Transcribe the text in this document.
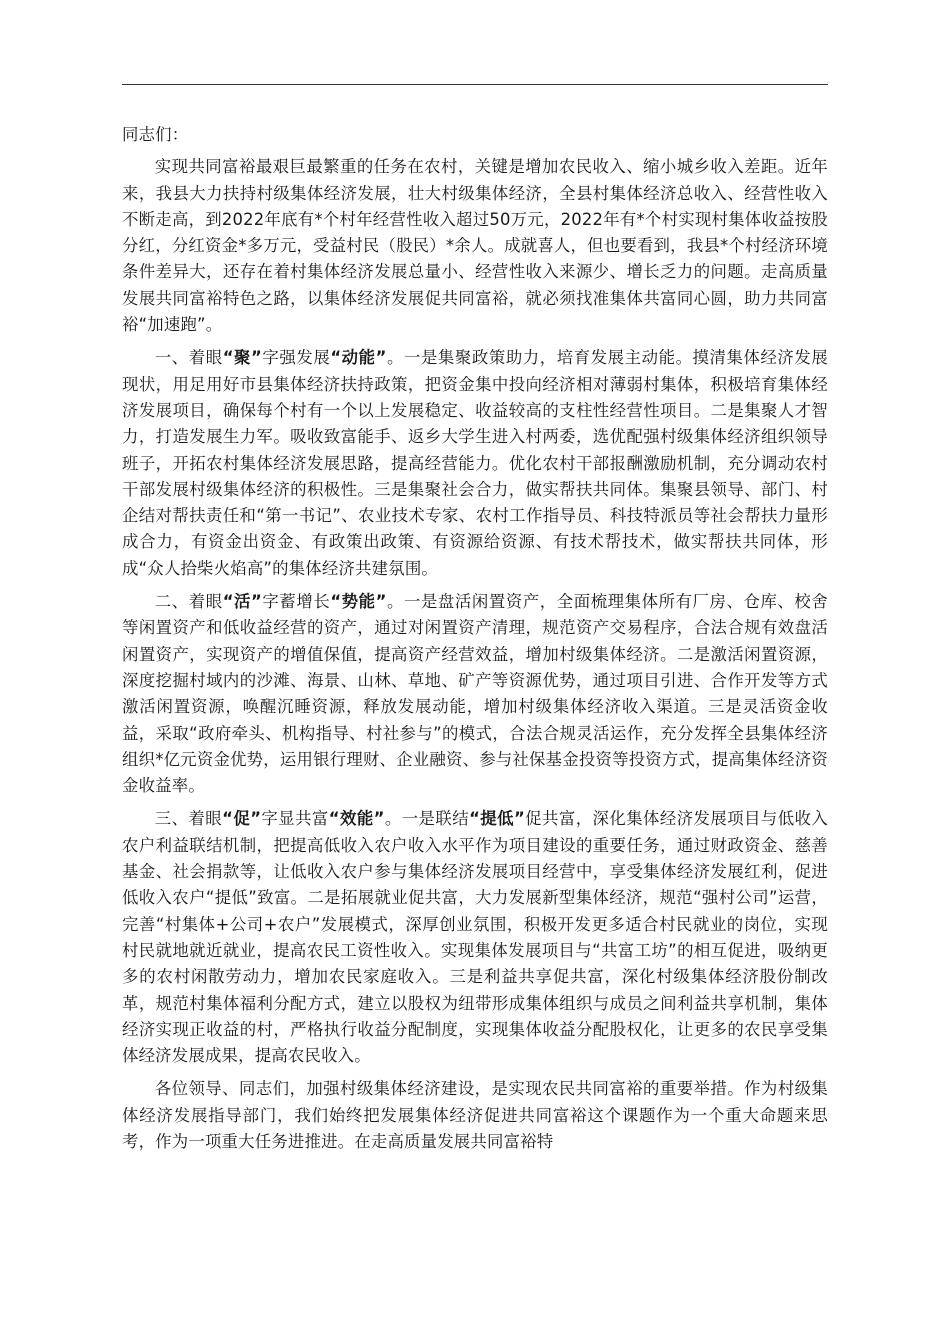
同志们：

实现共同富裕最艰巨最繁重的任务在农村，关键是增加农民收入、缩小城乡收入差距。近年来，我县大力扶持村级集体经济发展，壮大村级集体经济，全县村集体经济总收入、经营性收入不断走高，到2022年底有*个村年经营性收入超过50万元，2022年有*个村实现村集体收益按股分红，分红资金*多万元，受益村民（股民）*余人。成就喜人，但也要看到，我县*个村经济环境条件差异大，还存在着村集体经济发展总量小、经营性收入来源少、增长乏力的问题。走高质量发展共同富裕特色之路，以集体经济发展促共同富裕，就必须找准集体共富同心圆，助力共同富裕“加速跑”。

一、着眼“聚”字强发展“动能”。一是集聚政策助力，培育发展主动能。摸清集体经济发展现状，用足用好市县集体经济扶持政策，把资金集中投向经济相对薄弱村集体，积极培育集体经济发展项目，确保每个村有一个以上发展稳定、收益较高的支柱性经营性项目。二是集聚人才智力，打造发展生力军。吸收致富能手、返乡大学生进入村两委，选优配强村级集体经济组织领导班子，开拓农村集体经济发展思路，提高经营能力。优化农村干部报酬激励机制，充分调动农村干部发展村级集体经济的积极性。三是集聚社会合力，做实帮扶共同体。集聚县领导、部门、村企结对帮扶责任和“第一书记”、农业技术专家、农村工作指导员、科技特派员等社会帮扶力量形成合力，有资金出资金、有政策出政策、有资源给资源、有技术帮技术，做实帮扶共同体，形成“众人拾柴火焰高”的集体经济共建氛围。

二、着眼“活”字蓄增长“势能”。一是盘活闲置资产，全面梳理集体所有厂房、仓库、校舍等闲置资产和低收益经营的资产，通过对闲置资产清理，规范资产交易程序，合法合规有效盘活闲置资产，实现资产的增值保值，提高资产经营效益，增加村级集体经济。二是激活闲置资源，深度挖掘村域内的沙滩、海景、山林、草地、矿产等资源优势，通过项目引进、合作开发等方式激活闲置资源，唤醒沉睡资源，释放发展动能，增加村级集体经济收入渠道。三是灵活资金收益，采取“政府牵头、机构指导、村社参与”的模式，合法合规灵活运作，充分发挥全县集体经济组织*亿元资金优势，运用银行理财、企业融资、参与社保基金投资等投资方式，提高集体经济资金收益率。

三、着眼“促”字显共富“效能”。一是联结“提低”促共富，深化集体经济发展项目与低收入农户利益联结机制，把提高低收入农户收入水平作为项目建设的重要任务，通过财政资金、慈善基金、社会捐款等，让低收入农户参与集体经济发展项目经营中，享受集体经济发展红利，促进低收入农户“提低”致富。二是拓展就业促共富，大力发展新型集体经济，规范“强村公司”运营，完善“村集体+公司+农户”发展模式，深厚创业氛围，积极开发更多适合村民就业的岗位，实现村民就地就近就业，提高农民工资性收入。实现集体发展项目与“共富工坊”的相互促进，吸纳更多的农村闲散劳动力，增加农民家庭收入。三是利益共享促共富，深化村级集体经济股份制改革，规范村集体福利分配方式，建立以股权为纽带形成集体组织与成员之间利益共享机制，集体经济实现正收益的村，严格执行收益分配制度，实现集体收益分配股权化，让更多的农民享受集体经济发展成果，提高农民收入。

各位领导、同志们，加强村级集体经济建设，是实现农民共同富裕的重要举措。作为村级集体经济发展指导部门，我们始终把发展集体经济促进共同富裕这个课题作为一个重大命题来思考，作为一项重大任务进推进。在走高质量发展共同富裕特
